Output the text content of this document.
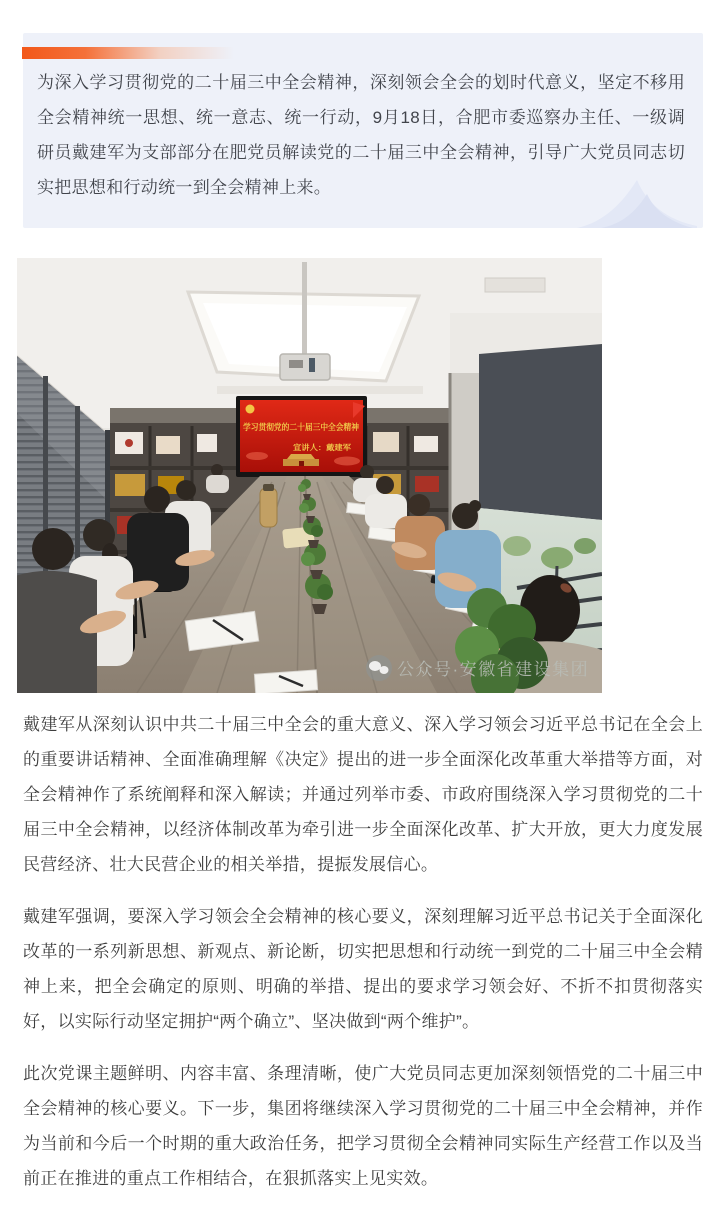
为深入学习贯彻党的二十届三中全会精神，深刻领会全会的划时代意义，坚定不移用全会精神统一思想、统一意志、统一行动，9月18日，合肥市委巡察办主任、一级调研员戴建军为支部部分在肥党员解读党的二十届三中全会精神，引导广大党员同志切实把思想和行动统一到全会精神上来。
学习贯彻党的二十届三中全会精神
宣讲人：戴建军
公众号·安徽省建设集团

戴建军从深刻认识中共二十届三中全会的重大意义、深入学习领会习近平总书记在全会上的重要讲话精神、全面准确理解《决定》提出的进一步全面深化改革重大举措等方面，对全会精神作了系统阐释和深入解读；并通过列举市委、市政府围绕深入学习贯彻党的二十届三中全会精神，以经济体制改革为牵引进一步全面深化改革、扩大开放，更大力度发展民营经济、壮大民营企业的相关举措，提振发展信心。

戴建军强调，要深入学习领会全会精神的核心要义，深刻理解习近平总书记关于全面深化改革的一系列新思想、新观点、新论断，切实把思想和行动统一到党的二十届三中全会精神上来，把全会确定的原则、明确的举措、提出的要求学习领会好、不折不扣贯彻落实好，以实际行动坚定拥护“两个确立”、坚决做到“两个维护”。

此次党课主题鲜明、内容丰富、条理清晰，使广大党员同志更加深刻领悟党的二十届三中全会精神的核心要义。下一步，集团将继续深入学习贯彻党的二十届三中全会精神，并作为当前和今后一个时期的重大政治任务，把学习贯彻全会精神同实际生产经营工作以及当前正在推进的重点工作相结合，在狠抓落实上见实效。
